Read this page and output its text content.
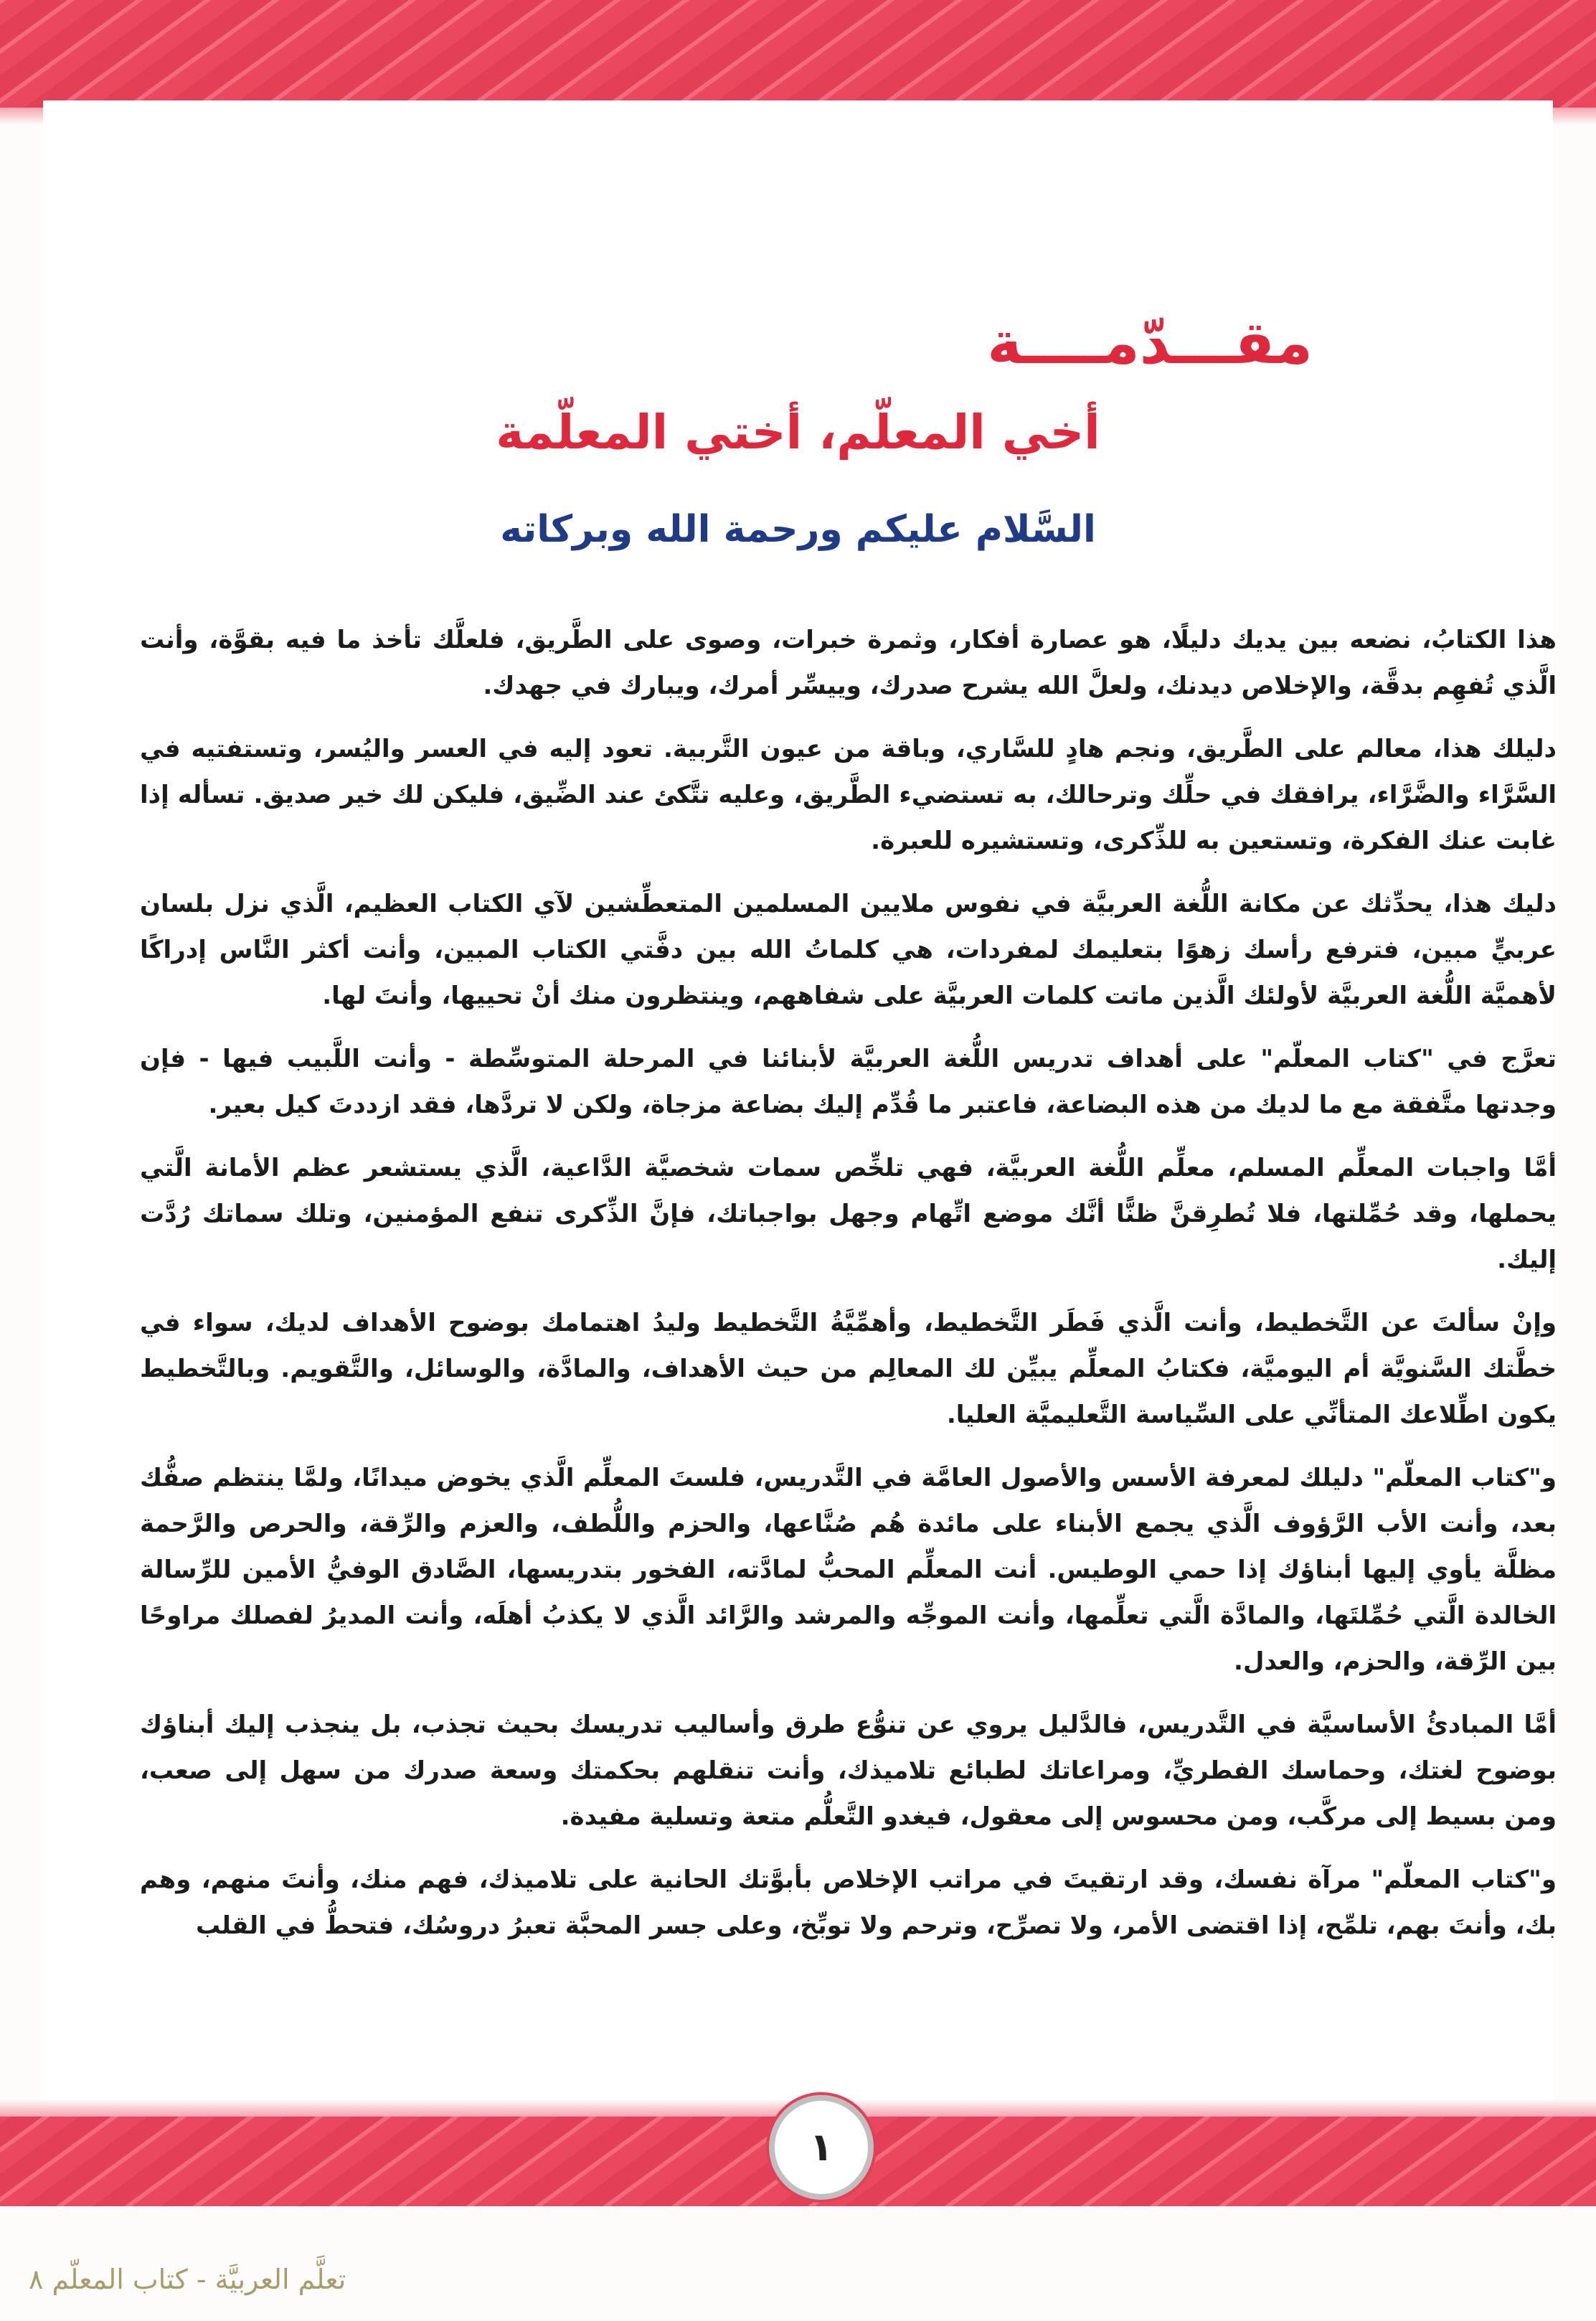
مقـــدّمــــة
أخي المعلّم، أختي المعلّمة
السَّلام عليكم ورحمة الله وبركاته

هذا الكتابُ، نضعه بين يديك دليلًا، هو عصارة أفكار، وثمرة خبرات، وصوى على الطَّريق، فلعلَّك تأخذ ما فيه بقوَّة، وأنت الَّذي تُفهِم بدقَّة، والإخلاص ديدنك، ولعلَّ الله يشرح صدرك، وييسِّر أمرك، ويبارك في جهدك.

دليلك هذا، معالم على الطَّريق، ونجم هادٍ للسَّاري، وباقة من عيون التَّربية. تعود إليه في العسر واليُسر، وتستفتيه في السَّرَّاء والضَّرَّاء، يرافقك في حلِّك وترحالك، به تستضيء الطَّريق، وعليه تتَّكئ عند الضِّيق، فليكن لك خير صديق. تسأله إذا غابت عنك الفكرة، وتستعين به للذِّكرى، وتستشيره للعبرة.

دليك هذا، يحدِّثك عن مكانة اللُّغة العربيَّة في نفوس ملايين المسلمين المتعطِّشين لآي الكتاب العظيم، الَّذي نزل بلسان عربيٍّ مبين، فترفع رأسك زهوًا بتعليمك لمفردات، هي كلماتُ الله بين دفَّتي الكتاب المبين، وأنت أكثر النَّاس إدراكًا لأهميَّة اللُّغة العربيَّة لأولئك الَّذين ماتت كلمات العربيَّة على شفاههم، وينتظرون منك أنْ تحييها، وأنتَ لها.

تعرَّج في "كتاب المعلّم" على أهداف تدريس اللُّغة العربيَّة لأبنائنا في المرحلة المتوسِّطة - وأنت اللَّبيب فيها - فإن وجدتها متَّفقة مع ما لديك من هذه البضاعة، فاعتبر ما قُدِّم إليك بضاعة مزجاة، ولكن لا تردَّها، فقد ازددتَ كيل بعير.

أمَّا واجبات المعلِّم المسلم، معلِّم اللُّغة العربيَّة، فهي تلخِّص سمات شخصيَّة الدَّاعية، الَّذي يستشعر عظم الأمانة الَّتي يحملها، وقد حُمِّلتها، فلا تُطرِقنَّ ظنًّا أنَّك موضع اتِّهام وجهل بواجباتك، فإنَّ الذِّكرى تنفع المؤمنين، وتلك سماتك رُدَّت إليك.

وإنْ سألتَ عن التَّخطيط، وأنت الَّذي فَطَر التَّخطيط، وأهمِّيَّةُ التَّخطيط وليدُ اهتمامك بوضوح الأهداف لديك، سواء في خطَّتك السَّنويَّة أم اليوميَّة، فكتابُ المعلِّم يبيِّن لك المعالِم من حيث الأهداف، والمادَّة، والوسائل، والتَّقويم. وبالتَّخطيط يكون اطِّلاعك المتأنِّي على السِّياسة التَّعليميَّة العليا.

و"كتاب المعلّم" دليلك لمعرفة الأسس والأصول العامَّة في التَّدريس، فلستَ المعلِّم الَّذي يخوض ميدانًا، ولمَّا ينتظم صفُّك بعد، وأنت الأب الرَّؤوف الَّذي يجمع الأبناء على مائدة هُم صُنَّاعها، والحزم واللُّطف، والعزم والرِّقة، والحرص والرَّحمة مظلَّة يأوي إليها أبناؤك إذا حمي الوطيس. أنت المعلِّم المحبُّ لمادَّته، الفخور بتدريسها، الصَّادق الوفيُّ الأمين للرِّسالة الخالدة الَّتي حُمِّلتَها، والمادَّة الَّتي تعلِّمها، وأنت الموجِّه والمرشد والرَّائد الَّذي لا يكذبُ أهلَه، وأنت المديرُ لفصلك مراوحًا بين الرِّقة، والحزم، والعدل.

أمَّا المبادئُ الأساسيَّة في التَّدريس، فالدَّليل يروي عن تنوُّع طرق وأساليب تدريسك بحيث تجذب، بل ينجذب إليك أبناؤك بوضوح لغتك، وحماسك الفطريِّ، ومراعاتك لطبائع تلاميذك، وأنت تنقلهم بحكمتك وسعة صدرك من سهل إلى صعب، ومن بسيط إلى مركَّب، ومن محسوس إلى معقول، فيغدو التَّعلُّم متعة وتسلية مفيدة.

و"كتاب المعلّم" مرآة نفسك، وقد ارتقيتَ في مراتب الإخلاص بأبوَّتك الحانية على تلاميذك، فهم منك، وأنتَ منهم، وهم بك، وأنتَ بهم، تلمِّح، إذا اقتضى الأمر، ولا تصرِّح، وترحم ولا توبِّخ، وعلى جسر المحبَّة تعبرُ دروسُك، فتحطُّ في القلب

١

تعلَّم العربيَّة - كتاب المعلّم ٨
